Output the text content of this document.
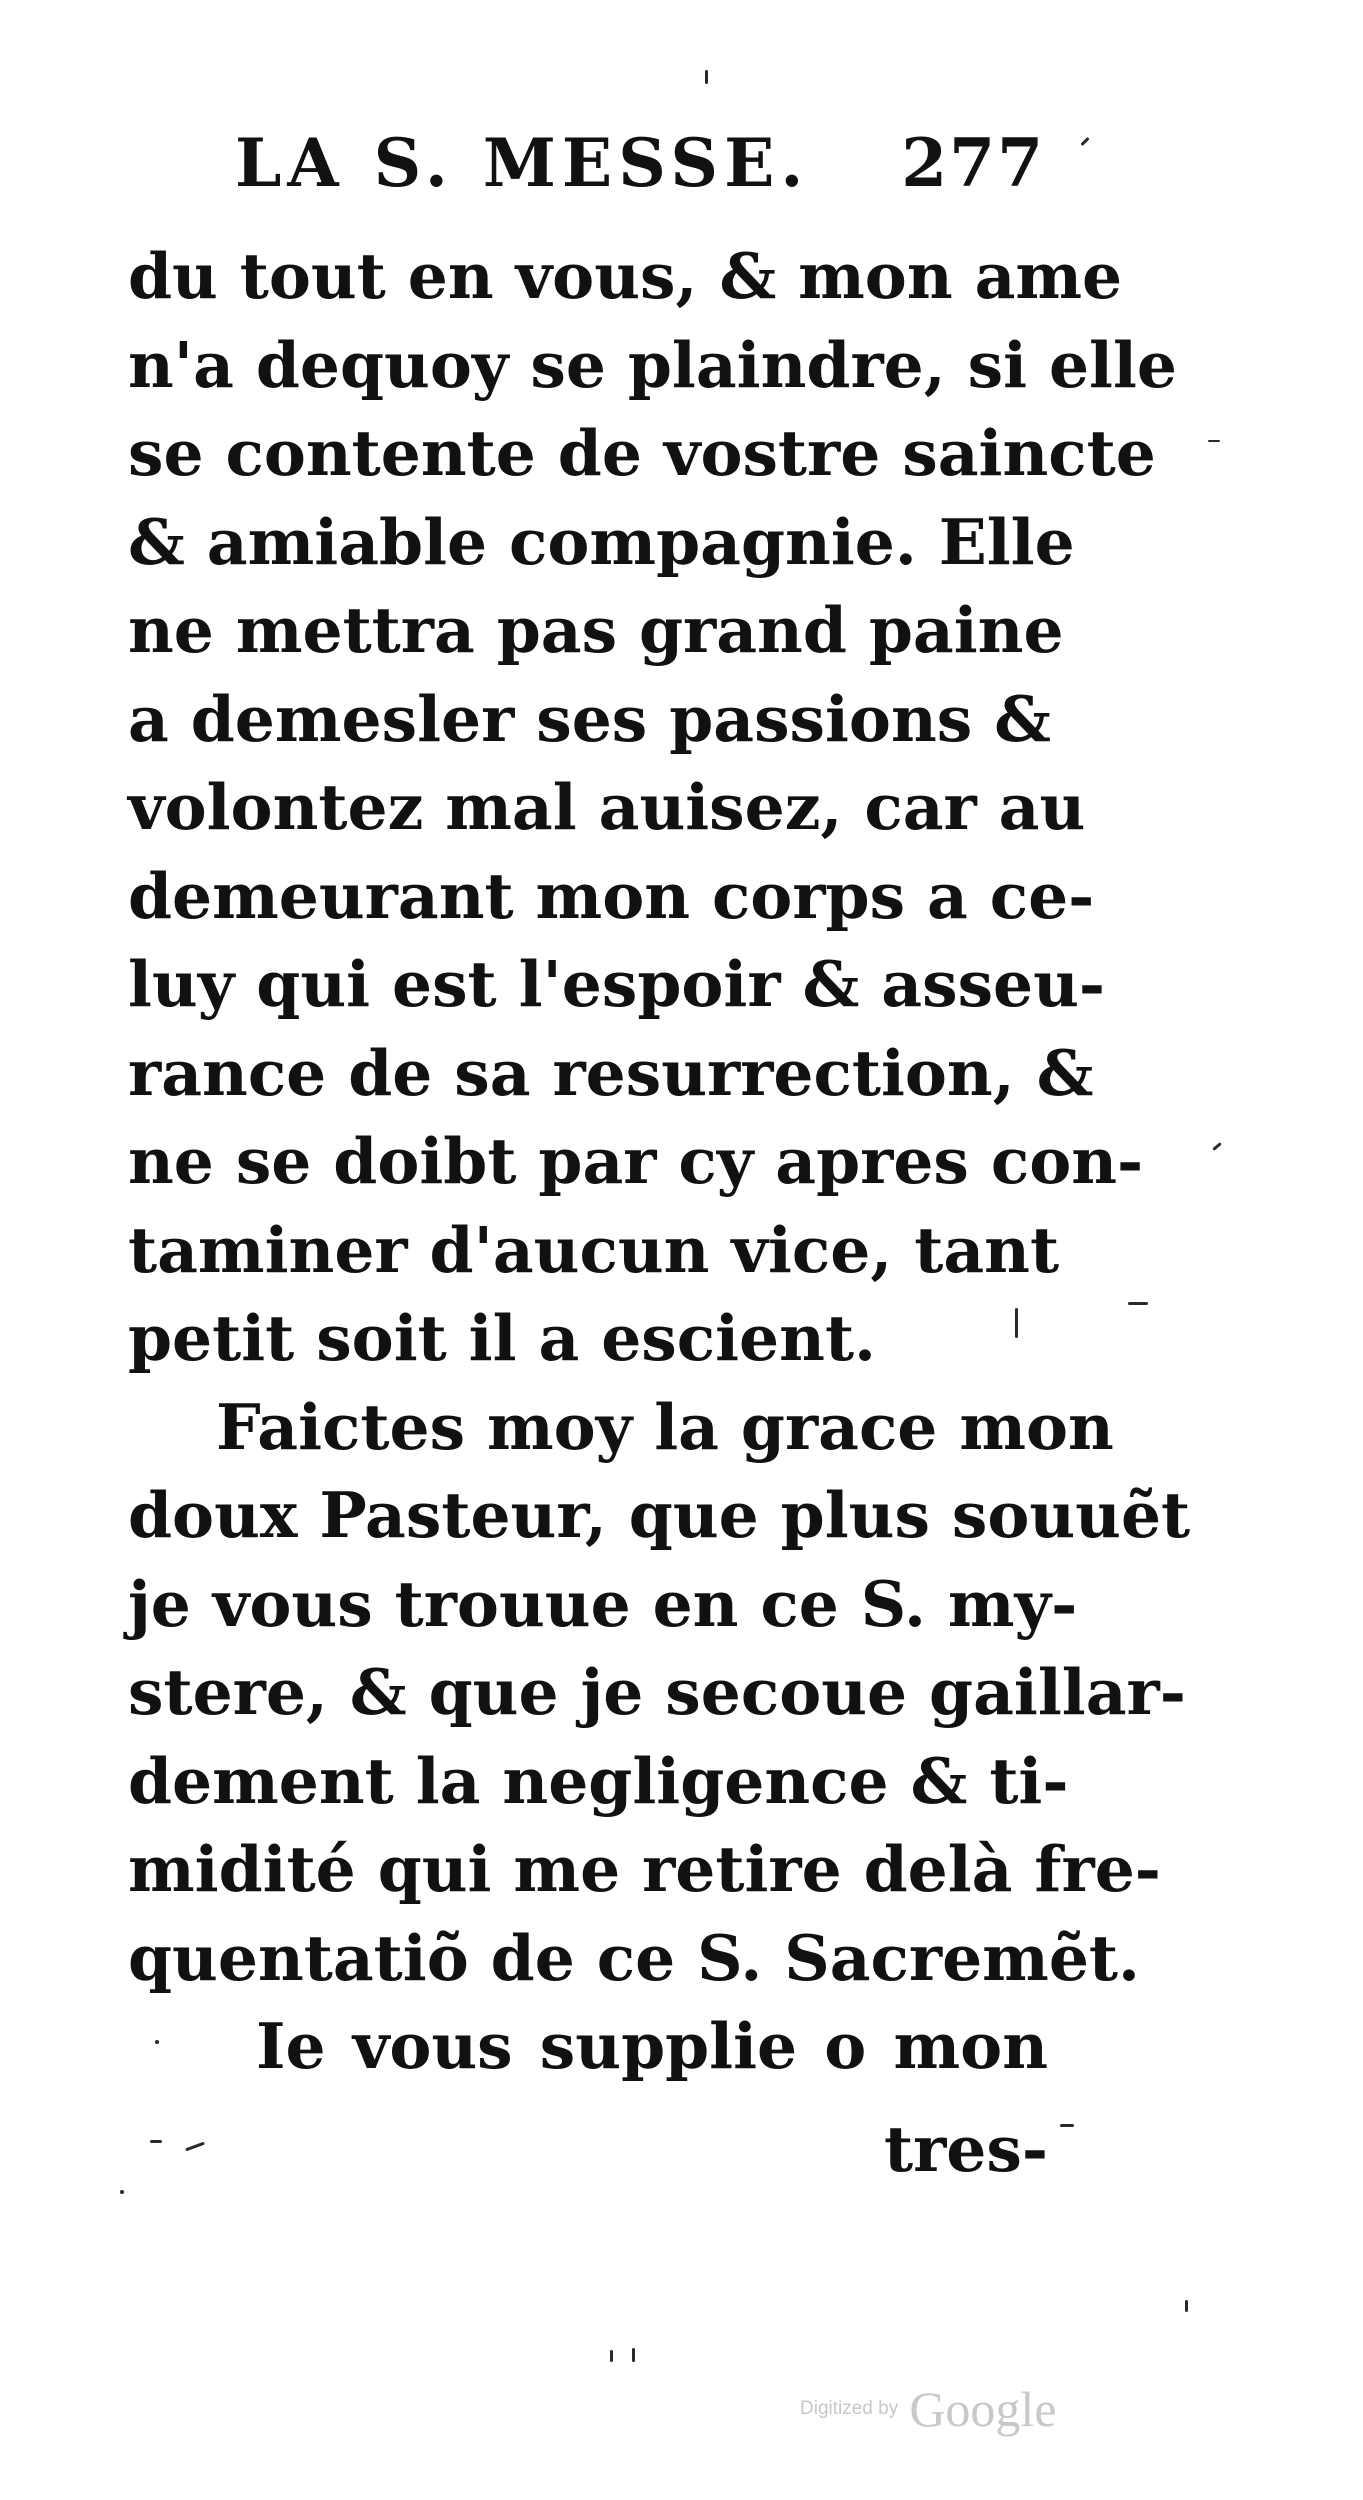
LA S. MESSE. 277
du tout en vous, & mon ame
n'a dequoy se plaindre, si elle
se contente de vostre saincte
& amiable compagnie. Elle
ne mettra pas grand paine
a demesler ses passions &
volontez mal auisez, car au
demeurant mon corps a ce-
luy qui est l'espoir & asseu-
rance de sa resurrection, &
ne se doibt par cy apres con-
taminer d'aucun vice, tant
petit soit il a escient.
Faictes moy la grace mon
doux Pasteur, que plus souuẽt
je vous trouue en ce S. my-
stere, & que je secoue gaillar-
dement la negligence & ti-
midité qui me retire delà fre-
quentatiõ de ce S. Sacremẽt.
Ie vous supplie o mon
tres-
Digitized by Google
